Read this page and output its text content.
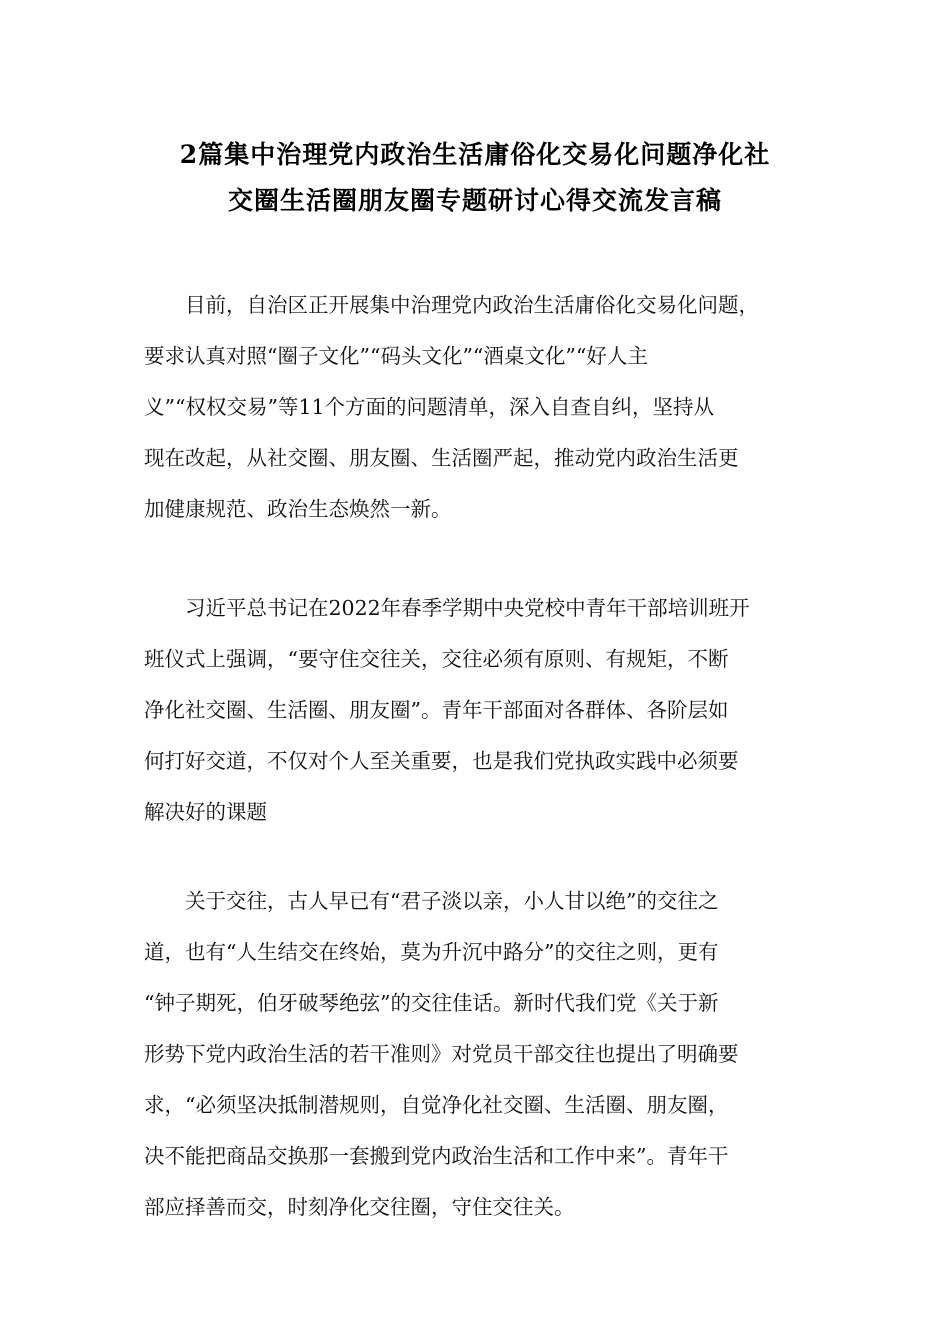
2篇集中治理党内政治生活庸俗化交易化问题净化社
交圈生活圈朋友圈专题研讨心得交流发言稿
目前，自治区正开展集中治理党内政治生活庸俗化交易化问题，
要求认真对照“圈子文化”“码头文化”“酒桌文化”“好人主
义”“权权交易”等11个方面的问题清单，深入自查自纠，坚持从
现在改起，从社交圈、朋友圈、生活圈严起，推动党内政治生活更
加健康规范、政治生态焕然一新。
习近平总书记在2022年春季学期中央党校中青年干部培训班开
班仪式上强调，“要守住交往关，交往必须有原则、有规矩，不断
净化社交圈、生活圈、朋友圈”。青年干部面对各群体、各阶层如
何打好交道，不仅对个人至关重要，也是我们党执政实践中必须要
解决好的课题
关于交往，古人早已有“君子淡以亲，小人甘以绝”的交往之
道，也有“人生结交在终始，莫为升沉中路分”的交往之则，更有
“钟子期死，伯牙破琴绝弦”的交往佳话。新时代我们党《关于新
形势下党内政治生活的若干准则》对党员干部交往也提出了明确要
求，“必须坚决抵制潜规则，自觉净化社交圈、生活圈、朋友圈，
决不能把商品交换那一套搬到党内政治生活和工作中来”。青年干
部应择善而交，时刻净化交往圈，守住交往关。
